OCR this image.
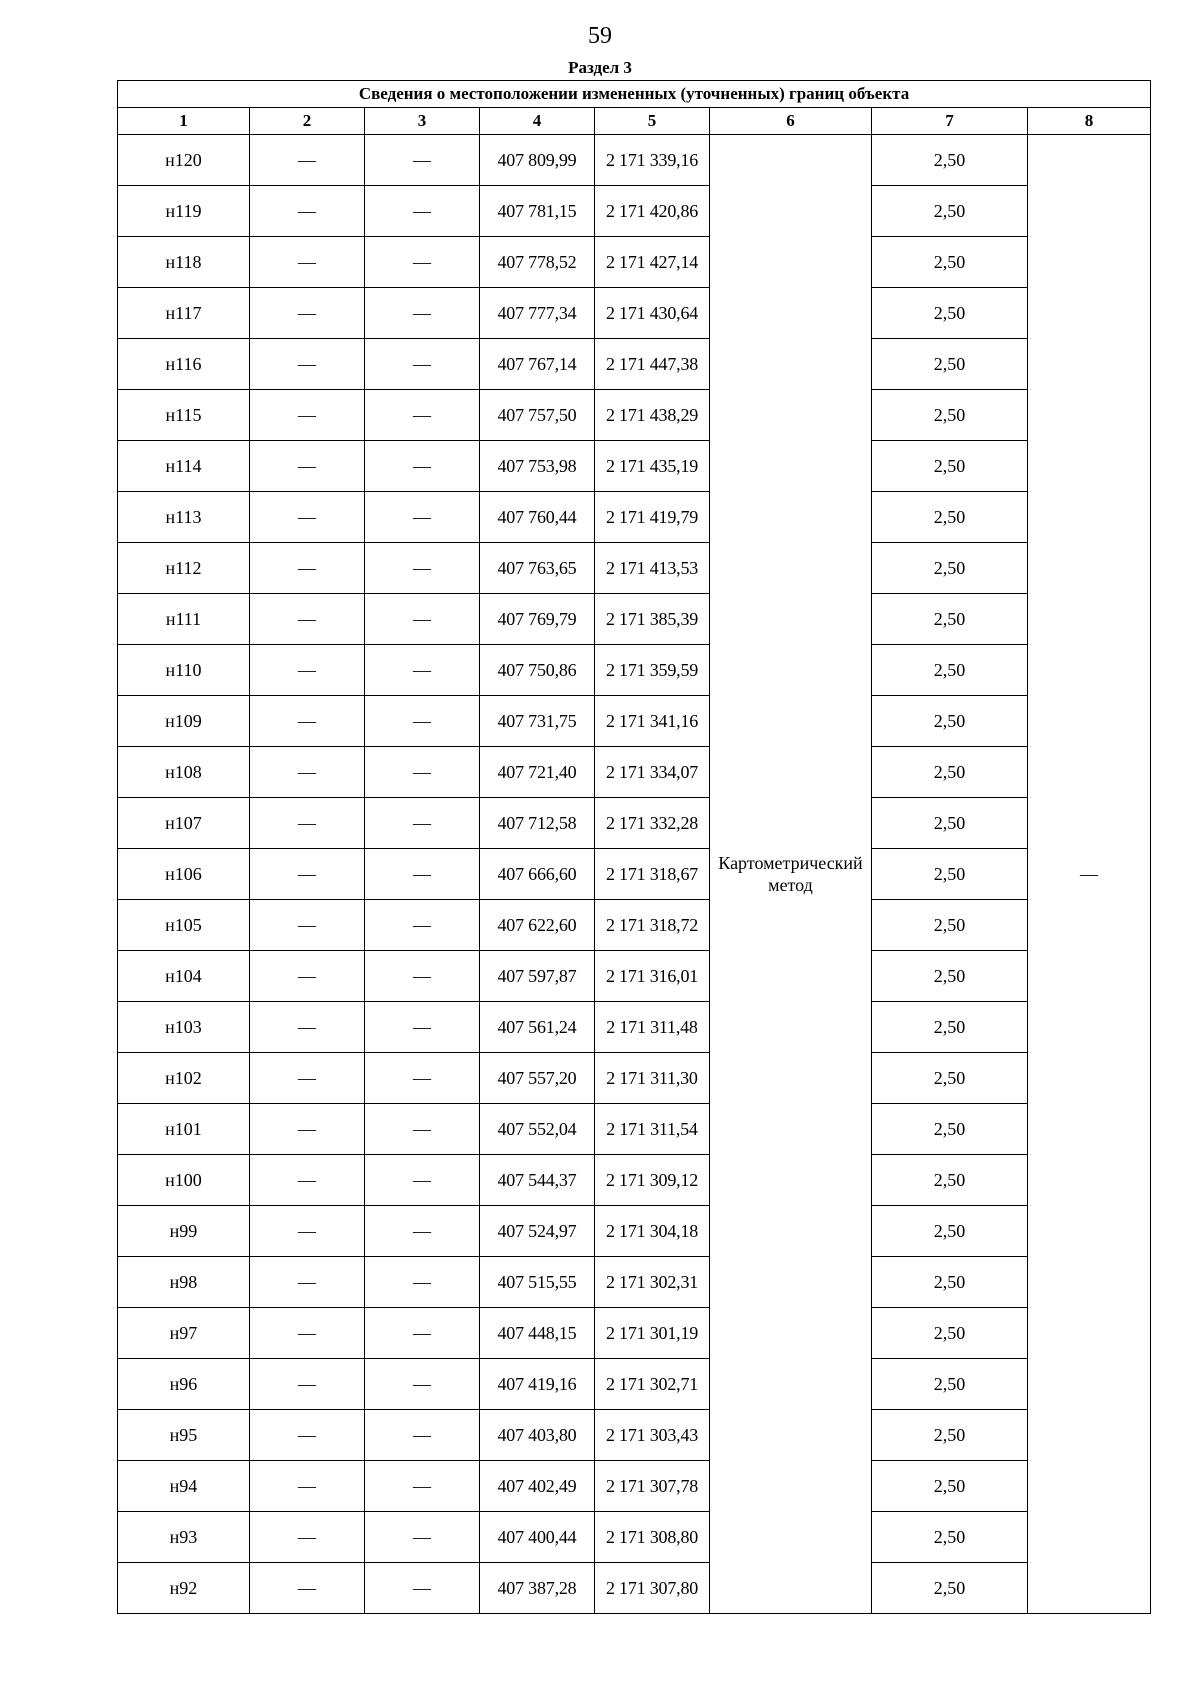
59
Раздел 3
Сведения о местоположении измененных (уточненных) границ объекта							
1	2	3	4	5	6	7	8
н120	—	—	407 809,99	2 171 339,16	Картометрический метод	2,50	—
н119	—	—	407 781,15	2 171 420,86		2,50	
н118	—	—	407 778,52	2 171 427,14		2,50	
н117	—	—	407 777,34	2 171 430,64		2,50	
н116	—	—	407 767,14	2 171 447,38		2,50	
н115	—	—	407 757,50	2 171 438,29		2,50	
н114	—	—	407 753,98	2 171 435,19		2,50	
н113	—	—	407 760,44	2 171 419,79		2,50	
н112	—	—	407 763,65	2 171 413,53		2,50	
н111	—	—	407 769,79	2 171 385,39		2,50	
н110	—	—	407 750,86	2 171 359,59		2,50	
н109	—	—	407 731,75	2 171 341,16		2,50	
н108	—	—	407 721,40	2 171 334,07		2,50	
н107	—	—	407 712,58	2 171 332,28		2,50	
н106	—	—	407 666,60	2 171 318,67		2,50	
н105	—	—	407 622,60	2 171 318,72		2,50	
н104	—	—	407 597,87	2 171 316,01		2,50	
н103	—	—	407 561,24	2 171 311,48		2,50	
н102	—	—	407 557,20	2 171 311,30		2,50	
н101	—	—	407 552,04	2 171 311,54		2,50	
н100	—	—	407 544,37	2 171 309,12		2,50	
н99	—	—	407 524,97	2 171 304,18		2,50	
н98	—	—	407 515,55	2 171 302,31		2,50	
н97	—	—	407 448,15	2 171 301,19		2,50	
н96	—	—	407 419,16	2 171 302,71		2,50	
н95	—	—	407 403,80	2 171 303,43		2,50	
н94	—	—	407 402,49	2 171 307,78		2,50	
н93	—	—	407 400,44	2 171 308,80		2,50	
н92	—	—	407 387,28	2 171 307,80		2,50	
